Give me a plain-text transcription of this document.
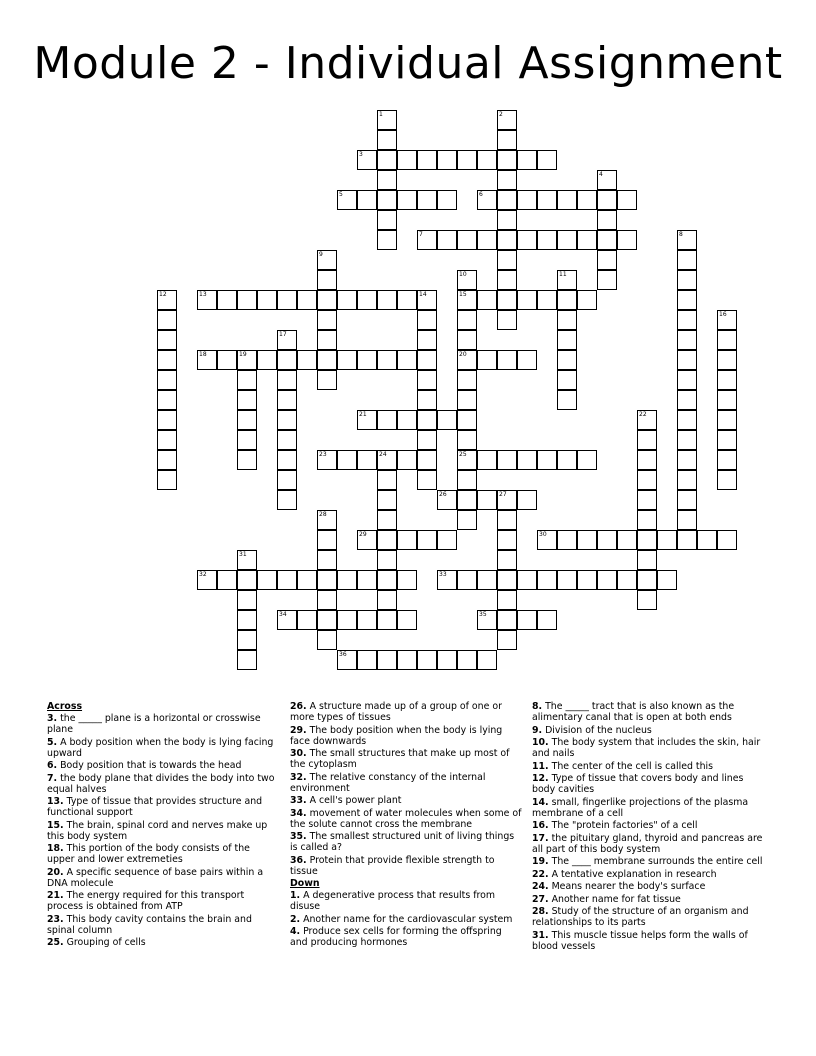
Module 2 - Individual Assignment
3
5	6
7
13	15
18	20
21
23	25
26
29	30
32	33
34	35
36
1	2
4
8
9
10	11
12	14
16
17
19
22
24
27
28
31
Across
3. the _____ plane is a horizontal or crosswise plane
5. A body position when the body is lying facing upward
6. Body position that is towards the head
7. the body plane that divides the body into two equal halves
13. Type of tissue that provides structure and functional support
15. The brain, spinal cord and nerves make up this body system
18. This portion of the body consists of the upper and lower extremeties
20. A specific sequence of base pairs within a DNA molecule
21. The energy required for this transport process is obtained from ATP
23. This body cavity contains the brain and spinal column
25. Grouping of cells
26. A structure made up of a group of one or more types of tissues
29. The body position when the body is lying face downwards
30. The small structures that make up most of the cytoplasm
32. The relative constancy of the internal environment
33. A cell's power plant
34. movement of water molecules when some of the solute cannot cross the membrane
35. The smallest structured unit of living things is called a?
36. Protein that provide flexible strength to tissue
Down
1. A degenerative process that results from disuse
2. Another name for the cardiovascular system
4. Produce sex cells for forming the offspring and producing hormones
8. The _____ tract that is also known as the alimentary canal that is open at both ends
9. Division of the nucleus
10. The body system that includes the skin, hair and nails
11. The center of the cell is called this
12. Type of tissue that covers body and lines body cavities
14. small, fingerlike projections of the plasma membrane of a cell
16. The "protein factories" of a cell
17. the pituitary gland, thyroid and pancreas are all part of this body system
19. The ____ membrane surrounds the entire cell
22. A tentative explanation in research
24. Means nearer the body's surface
27. Another name for fat tissue
28. Study of the structure of an organism and relationships to its parts
31. This muscle tissue helps form the walls of blood vessels
